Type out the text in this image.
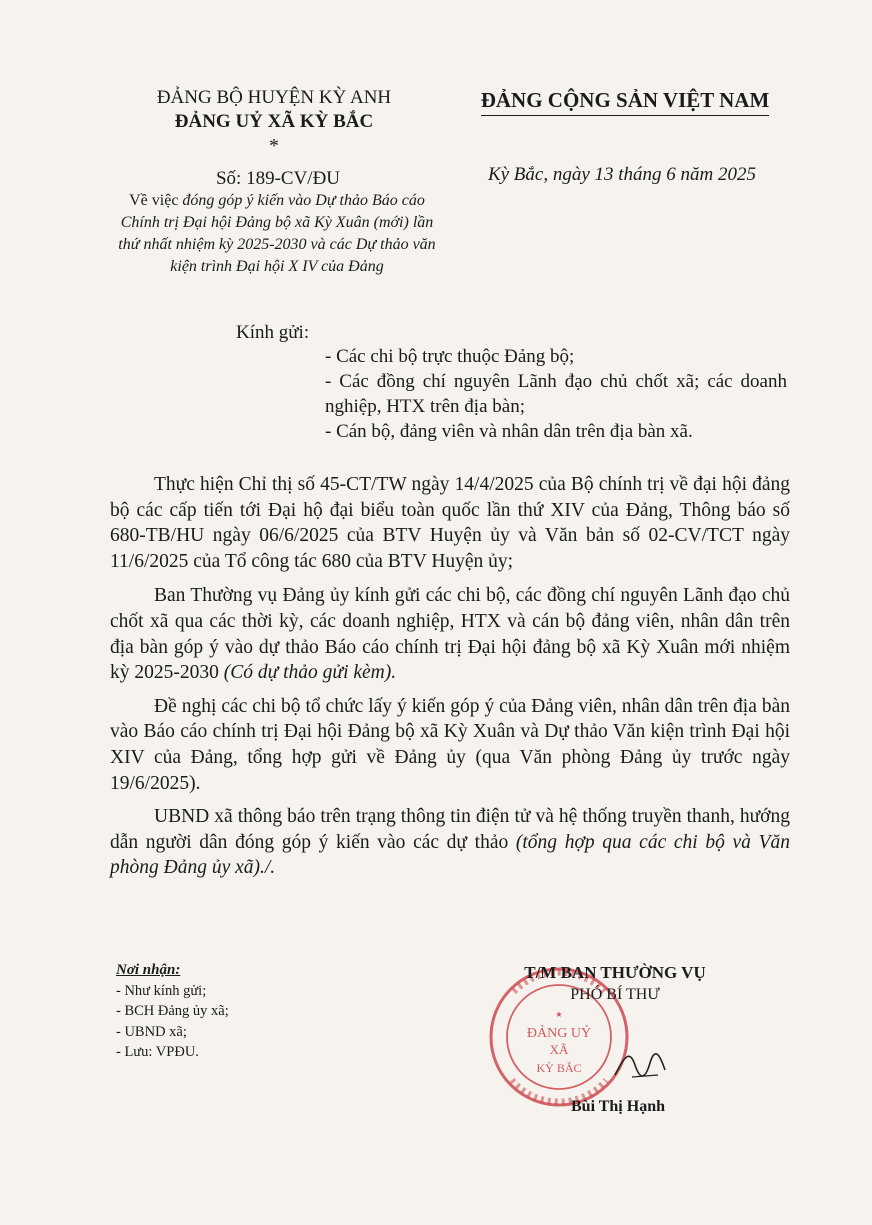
ĐẢNG BỘ HUYỆN KỲ ANH
ĐẢNG UỶ XÃ KỲ BẮC
*
ĐẢNG CỘNG SẢN VIỆT NAM
Số: 189-CV/ĐU	Kỳ Bắc, ngày 13 tháng 6 năm 2025
Về việc đóng góp ý kiến vào Dự thảo Báo cáo Chính trị Đại hội Đảng bộ xã Kỳ Xuân (mới) lần thứ nhất nhiệm kỳ 2025-2030 và các Dự thảo văn kiện trình Đại hội X IV của Đảng
Kính gửi:
- Các chi bộ trực thuộc Đảng bộ;
- Các đồng chí nguyên Lãnh đạo chủ chốt xã; các doanh nghiệp, HTX trên địa bàn;
- Cán bộ, đảng viên và nhân dân trên địa bàn xã.

Thực hiện Chỉ thị số 45-CT/TW ngày 14/4/2025 của Bộ chính trị về đại hội đảng bộ các cấp tiến tới Đại hộ đại biểu toàn quốc lần thứ XIV của Đảng, Thông báo số 680-TB/HU ngày 06/6/2025 của BTV Huyện ủy và Văn bản số 02-CV/TCT ngày 11/6/2025 của Tổ công tác 680 của BTV Huyện ủy;

Ban Thường vụ Đảng ủy kính gửi các chi bộ, các đồng chí nguyên Lãnh đạo chủ chốt xã qua các thời kỳ, các doanh nghiệp, HTX và cán bộ đảng viên, nhân dân trên địa bàn góp ý vào dự thảo Báo cáo chính trị Đại hội đảng bộ xã Kỳ Xuân mới nhiệm kỳ 2025-2030 (Có dự thảo gửi kèm).

Đề nghị các chi bộ tổ chức lấy ý kiến góp ý của Đảng viên, nhân dân trên địa bàn vào Báo cáo chính trị Đại hội Đảng bộ xã Kỳ Xuân và Dự thảo Văn kiện trình Đại hội XIV của Đảng, tổng hợp gửi về Đảng ủy (qua Văn phòng Đảng ủy trước ngày 19/6/2025).

UBND xã thông báo trên trạng thông tin điện tử và hệ thống truyền thanh, hướng dẫn người dân đóng góp ý kiến vào các dự thảo (tổng hợp qua các chi bộ và Văn phòng Đảng ủy xã)./.

Nơi nhận:
- Như kính gửi;
- BCH Đảng ủy xã;
- UBND xã;
- Lưu: VPĐU.
★
ĐẢNG UỶ
XÃ
KỲ BẮC
T/M BAN THƯỜNG VỤ
PHÓ BÍ THƯ
Bùi Thị Hạnh
